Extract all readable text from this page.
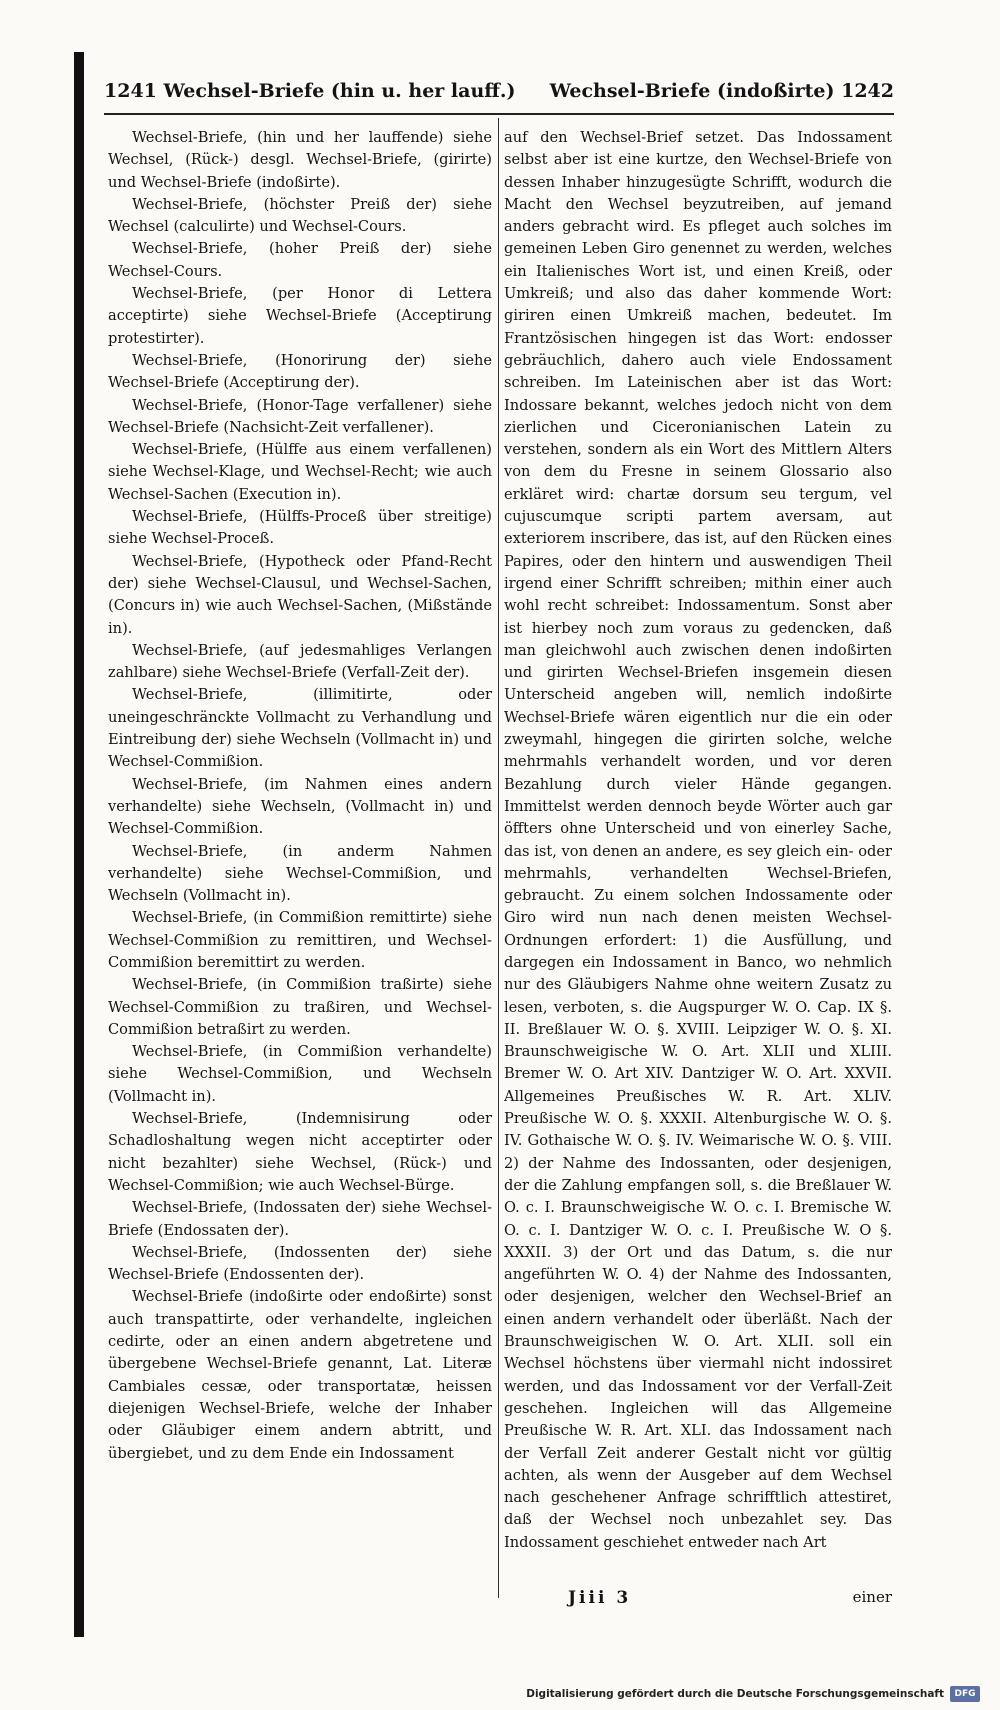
1241 Wechsel-Briefe (hin u. her lauff.) Wechsel-Briefe (indoßirte) 1242

Wechsel-Briefe, (hin und her lauffende) siehe Wechsel, (Rück-) desgl. Wechsel-Briefe, (girirte) und Wechsel-Briefe (indoßirte).

Wechsel-Briefe, (höchster Preiß der) siehe Wechsel (calculirte) und Wechsel-Cours.

Wechsel-Briefe, (hoher Preiß der) siehe Wechsel-Cours.

Wechsel-Briefe, (per Honor di Lettera acceptirte) siehe Wechsel-Briefe (Acceptirung protestirter).

Wechsel-Briefe, (Honorirung der) siehe Wechsel-Briefe (Acceptirung der).

Wechsel-Briefe, (Honor-Tage verfallener) siehe Wechsel-Briefe (Nachsicht-Zeit verfallener).

Wechsel-Briefe, (Hülffe aus einem verfallenen) siehe Wechsel-Klage, und Wechsel-Recht; wie auch Wechsel-Sachen (Execution in).

Wechsel-Briefe, (Hülffs-Proceß über streitige) siehe Wechsel-Proceß.

Wechsel-Briefe, (Hypotheck oder Pfand-Recht der) siehe Wechsel-Clausul, und Wechsel-Sachen, (Concurs in) wie auch Wechsel-Sachen, (Mißstände in).

Wechsel-Briefe, (auf jedesmahliges Verlangen zahlbare) siehe Wechsel-Briefe (Verfall-Zeit der).

Wechsel-Briefe, (illimitirte, oder uneingeschränckte Vollmacht zu Verhandlung und Eintreibung der) siehe Wechseln (Vollmacht in) und Wechsel-Commißion.

Wechsel-Briefe, (im Nahmen eines andern verhandelte) siehe Wechseln, (Vollmacht in) und Wechsel-Commißion.

Wechsel-Briefe, (in anderm Nahmen verhandelte) siehe Wechsel-Commißion, und Wechseln (Vollmacht in).

Wechsel-Briefe, (in Commißion remittirte) siehe Wechsel-Commißion zu remittiren, und Wechsel-Commißion beremittirt zu werden.

Wechsel-Briefe, (in Commißion traßirte) siehe Wechsel-Commißion zu traßiren, und Wechsel-Commißion betraßirt zu werden.

Wechsel-Briefe, (in Commißion verhandelte) siehe Wechsel-Commißion, und Wechseln (Vollmacht in).

Wechsel-Briefe, (Indemnisirung oder Schadloshaltung wegen nicht acceptirter oder nicht bezahlter) siehe Wechsel, (Rück-) und Wechsel-Commißion; wie auch Wechsel-Bürge.

Wechsel-Briefe, (Indossaten der) siehe Wechsel-Briefe (Endossaten der).

Wechsel-Briefe, (Indossenten der) siehe Wechsel-Briefe (Endossenten der).

Wechsel-Briefe (indoßirte oder endoßirte) sonst auch transpattirte, oder verhandelte, ingleichen cedirte, oder an einen andern abgetretene und übergebene Wechsel-Briefe genannt, Lat. Literæ Cambiales cessæ, oder transportatæ, heissen diejenigen Wechsel-Briefe, welche der Inhaber oder Gläubiger einem andern abtritt, und übergiebet, und zu dem Ende ein Indossament

auf den Wechsel-Brief setzet. Das Indossament selbst aber ist eine kurtze, den Wechsel-Briefe von dessen Inhaber hinzugesügte Schrifft, wodurch die Macht den Wechsel beyzutreiben, auf jemand anders gebracht wird. Es pfleget auch solches im gemeinen Leben Giro genennet zu werden, welches ein Italienisches Wort ist, und einen Kreiß, oder Umkreiß; und also das daher kommende Wort: giriren einen Umkreiß machen, bedeutet. Im Frantzösischen hingegen ist das Wort: endosser gebräuchlich, dahero auch viele Endossament schreiben. Im Lateinischen aber ist das Wort: Indossare bekannt, welches jedoch nicht von dem zierlichen und Ciceronianischen Latein zu verstehen, sondern als ein Wort des Mittlern Alters von dem du Fresne in seinem Glossario also erkläret wird: chartæ dorsum seu tergum, vel cujuscumque scripti partem aversam, aut exteriorem inscribere, das ist, auf den Rücken eines Papires, oder den hintern und auswendigen Theil irgend einer Schrifft schreiben; mithin einer auch wohl recht schreibet: Indossamentum. Sonst aber ist hierbey noch zum voraus zu gedencken, daß man gleichwohl auch zwischen denen indoßirten und girirten Wechsel-Briefen insgemein diesen Unterscheid angeben will, nemlich indoßirte Wechsel-Briefe wären eigentlich nur die ein oder zweymahl, hingegen die girirten solche, welche mehrmahls verhandelt worden, und vor deren Bezahlung durch vieler Hände gegangen. Immittelst werden dennoch beyde Wörter auch gar öffters ohne Unterscheid und von einerley Sache, das ist, von denen an andere, es sey gleich ein- oder mehrmahls, verhandelten Wechsel-Briefen, gebraucht. Zu einem solchen Indossamente oder Giro wird nun nach denen meisten Wechsel-Ordnungen erfordert: 1) die Ausfüllung, und dargegen ein Indossament in Banco, wo nehmlich nur des Gläubigers Nahme ohne weitern Zusatz zu lesen, verboten, s. die Augspurger W. O. Cap. IX §. II. Breßlauer W. O. §. XVIII. Leipziger W. O. §. XI. Braunschweigische W. O. Art. XLII und XLIII. Bremer W. O. Art XIV. Dantziger W. O. Art. XXVII. Allgemeines Preußisches W. R. Art. XLIV. Preußische W. O. §. XXXII. Altenburgische W. O. §. IV. Gothaische W. O. §. IV. Weimarische W. O. §. VIII. 2) der Nahme des Indossanten, oder desjenigen, der die Zahlung empfangen soll, s. die Breßlauer W. O. c. I. Braunschweigische W. O. c. I. Bremische W. O. c. I. Dantziger W. O. c. I. Preußische W. O §. XXXII. 3) der Ort und das Datum, s. die nur angeführten W. O. 4) der Nahme des Indossanten, oder desjenigen, welcher den Wechsel-Brief an einen andern verhandelt oder überläßt. Nach der Braunschweigischen W. O. Art. XLII. soll ein Wechsel höchstens über viermahl nicht indossiret werden, und das Indossament vor der Verfall-Zeit geschehen. Ingleichen will das Allgemeine Preußische W. R. Art. XLI. das Indossament nach der Verfall Zeit anderer Gestalt nicht vor gültig achten, als wenn der Ausgeber auf dem Wechsel nach geschehener Anfrage schrifftlich attestiret, daß der Wechsel noch unbezahlet sey. Das Indossament geschiehet entweder nach Art

Jiii 3	einer
Digitalisierung gefördert durch die Deutsche Forschungsgemeinschaft	DFG
